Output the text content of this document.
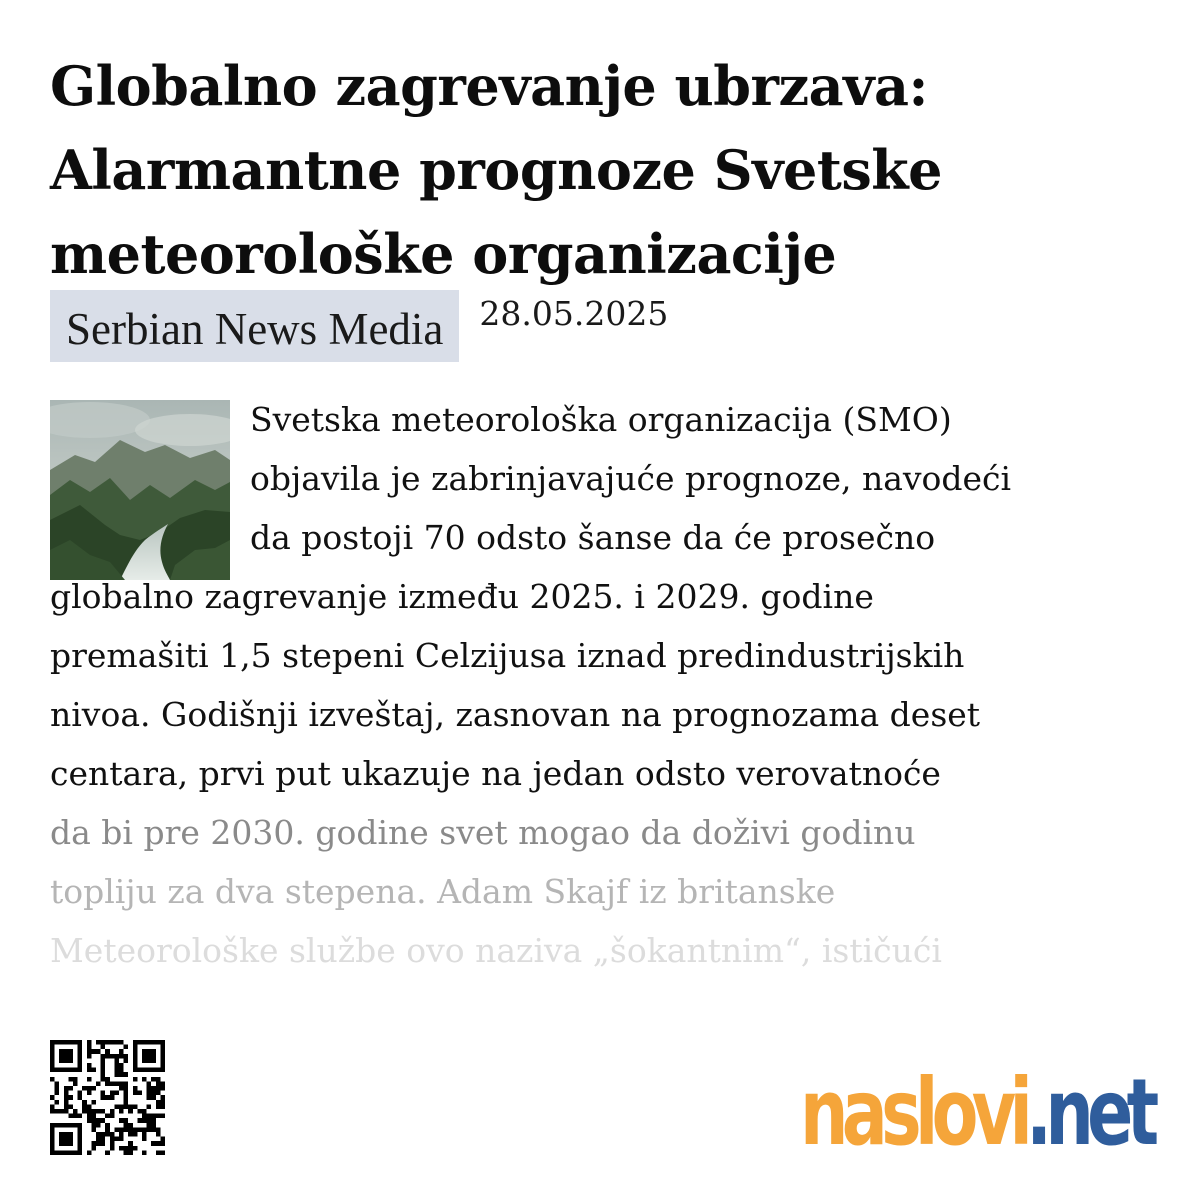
Globalno zagrevanje ubrzava:
Alarmantne prognoze Svetske
meteorološke organizacije
Serbian News Media	28.05.2025
Svetska meteorološka organizacija (SMO)
objavila je zabrinjavajuće prognoze, navodeći
da postoji 70 odsto šanse da će prosečno
globalno zagrevanje između 2025. i 2029. godine
premašiti 1,5 stepeni Celzijusa iznad predindustrijskih
nivoa. Godišnji izveštaj, zasnovan na prognozama deset
centara, prvi put ukazuje na jedan odsto verovatnoće
da bi pre 2030. godine svet mogao da doživi godinu
topliju za dva stepena. Adam Skajf iz britanske
Meteorološke službe ovo naziva „šokantnim“, ističući
naslovi.net
